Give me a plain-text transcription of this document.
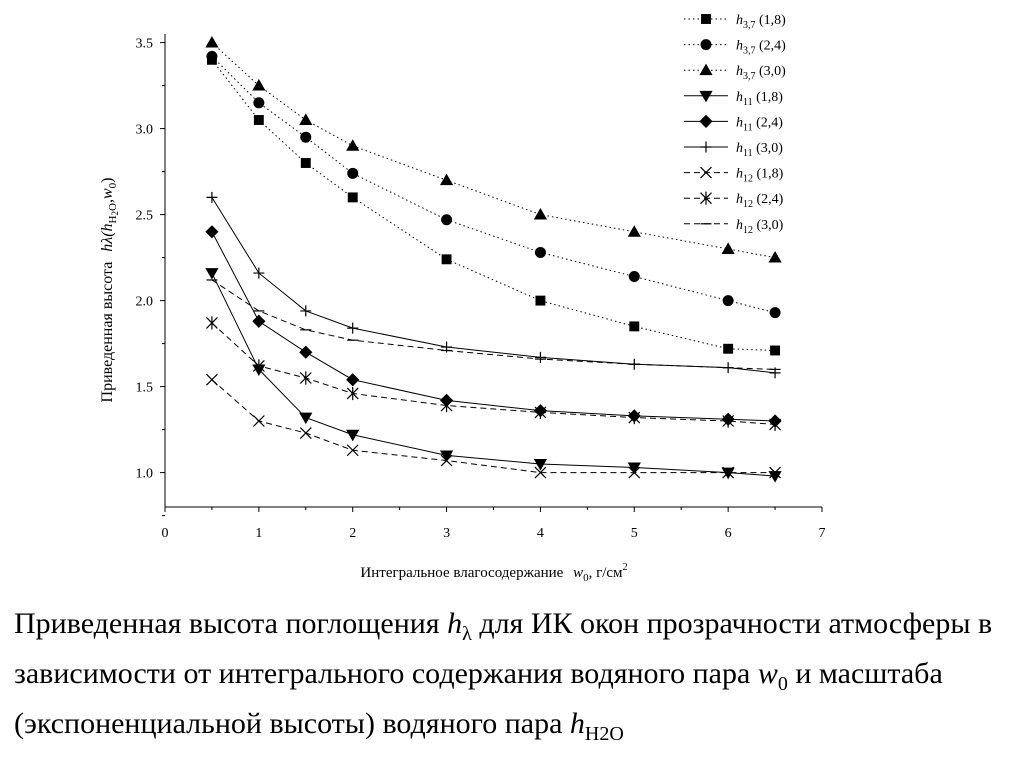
0	1	2	3	4	5	6	7
1.0
1.5
2.0
2.5
3.0
3.5
$h_{3,7}$ (1,8)
$h_{3,7}$ (2,4)
$h_{3,7}$ (3,0)
$h_{11}$ (1,8)
$h_{11}$ (2,4)
$h_{11}$ (3,0)
$h_{12}$ (1,8)
$h_{12}$ (2,4)
$h_{12}$ (3,0)
Интегральное влагосодержание $w_0$, $г/см^2$
Приведенная высота $h\lambda(h_H2O,w_0)$

Приведенная высота поглощения $h_\lambda$ для ИК окон прозрачности атмосферы в зависимости от интегрального содержания водяного пара $w_0$ и масштаба (экспоненциальной высоты) водяного пара $h_{H2O}$
